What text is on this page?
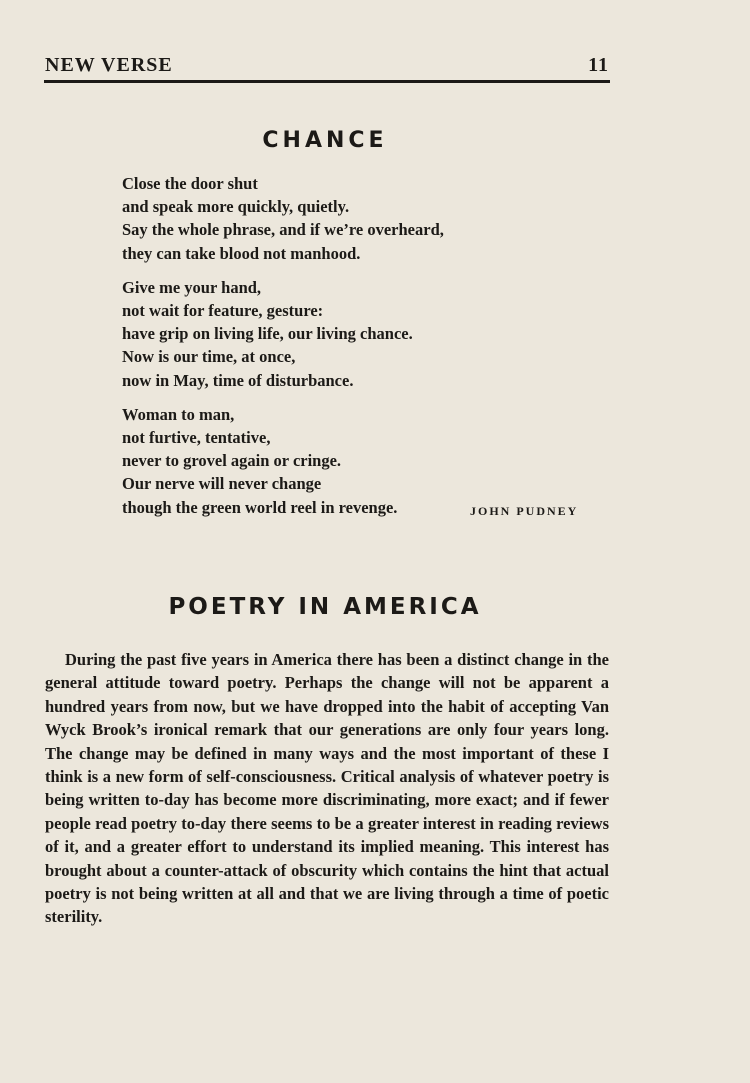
NEW VERSE	11
CHANCE
Close the door shut
and speak more quickly, quietly.
Say the whole phrase, and if we’re overheard,
they can take blood not manhood.
Give me your hand,
not wait for feature, gesture:
have grip on living life, our living chance.
Now is our time, at once,
now in May, time of disturbance.
Woman to man,
not furtive, tentative,
never to grovel again or cringe.
Our nerve will never change
though the green world reel in revenge.	JOHN PUDNEY
POETRY IN AMERICA

During the past five years in America there has been a distinct change in the general attitude toward poetry. Perhaps the change will not be apparent a hundred years from now, but we have dropped into the habit of accepting Van Wyck Brook’s ironical remark that our generations are only four years long. The change may be defined in many ways and the most important of these I think is a new form of self-consciousness. Critical analysis of whatever poetry is being written to-day has become more discriminating, more exact; and if fewer people read poetry to-day there seems to be a greater interest in reading reviews of it, and a greater effort to understand its implied meaning. This interest has brought about a counter-attack of obscurity which contains the hint that actual poetry is not being written at all and that we are living through a time of poetic sterility.
